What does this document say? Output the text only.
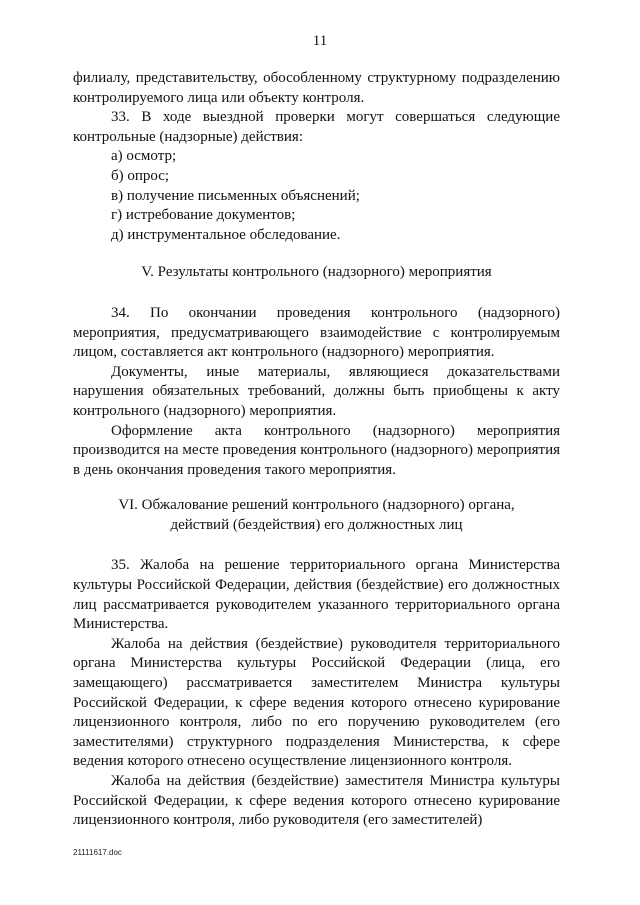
11

филиалу, представительству, обособленному структурному подразделению контролируемого лица или объекту контроля.

33. В ходе выездной проверки могут совершаться следующие контрольные (надзорные) действия:

а) осмотр;

б) опрос;

в) получение письменных объяснений;

г) истребование документов;

д) инструментальное обследование.

V. Результаты контрольного (надзорного) мероприятия

34. По окончании проведения контрольного (надзорного) мероприятия, предусматривающего взаимодействие с контролируемым лицом, составляется акт контрольного (надзорного) мероприятия.

Документы, иные материалы, являющиеся доказательствами нарушения обязательных требований, должны быть приобщены к акту контрольного (надзорного) мероприятия.

Оформление акта контрольного (надзорного) мероприятия производится на месте проведения контрольного (надзорного) мероприятия в день окончания проведения такого мероприятия.

VI. Обжалование решений контрольного (надзорного) органа,

действий (бездействия) его должностных лиц

35. Жалоба на решение территориального органа Министерства культуры Российской Федерации, действия (бездействие) его должностных лиц рассматривается руководителем указанного территориального органа Министерства.

Жалоба на действия (бездействие) руководителя территориального органа Министерства культуры Российской Федерации (лица, его замещающего) рассматривается заместителем Министра культуры Российской Федерации, к сфере ведения которого отнесено курирование лицензионного контроля, либо по его поручению руководителем (его заместителями) структурного подразделения Министерства, к сфере ведения которого отнесено осуществление лицензионного контроля.

Жалоба на действия (бездействие) заместителя Министра культуры Российской Федерации, к сфере ведения которого отнесено курирование лицензионного контроля, либо руководителя (его заместителей)

21111617.doc
